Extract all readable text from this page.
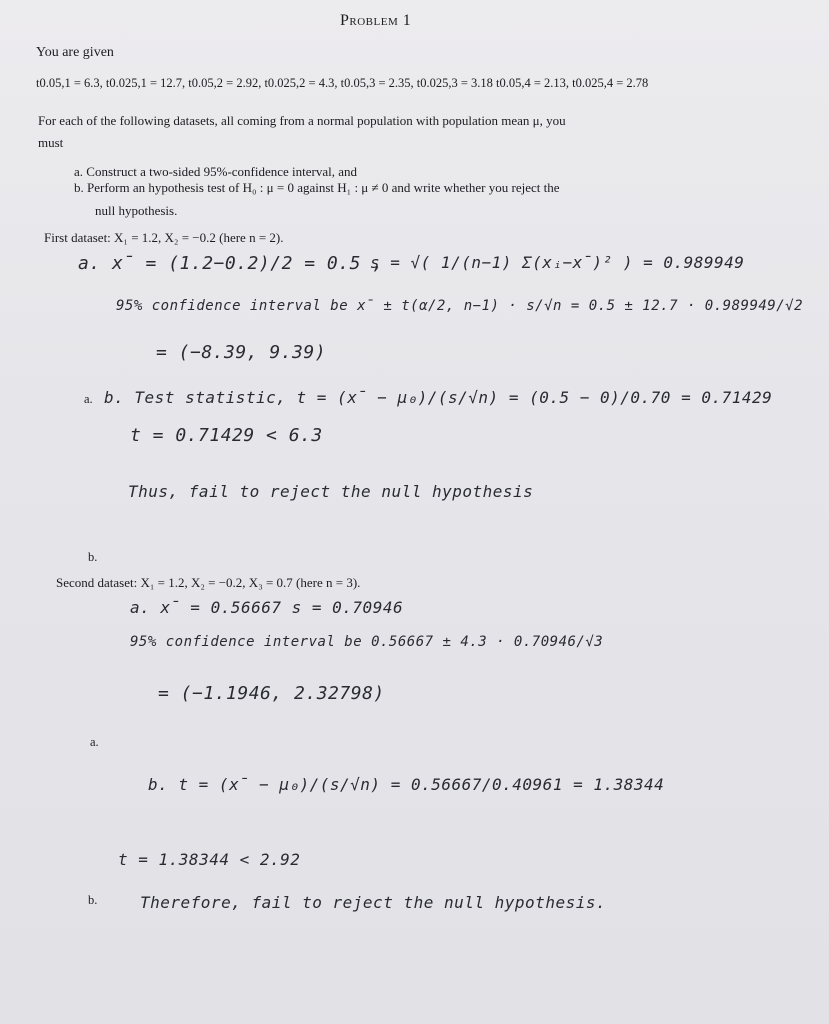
Problem 1
You are given
t0.05,1 = 6.3, t0.025,1 = 12.7, t0.05,2 = 2.92, t0.025,2 = 4.3, t0.05,3 = 2.35, t0.025,3 = 3.18 t0.05,4 = 2.13, t0.025,4 = 2.78
For each of the following datasets, all coming from a normal population with population mean μ, you
must
a. Construct a two-sided 95%-confidence interval, and
b. Perform an hypothesis test of H₀ : μ = 0 against H₁ : μ ≠ 0 and write whether you reject the
null hypothesis.
First dataset: X₁ = 1.2, X₂ = −0.2 (here n = 2).
a. x̄ = (1.2−0.2)/2 = 0.5 ,
s = √( 1/(n−1) Σ(xᵢ−x̄)² ) = 0.989949
95% confidence interval be x̄ ± t(α/2, n−1) · s/√n = 0.5 ± 12.7 · 0.989949/√2
= (−8.39, 9.39)
a. b. Test statistic, t = (x̄ − μ₀)/(s/√n) = (0.5 − 0)/0.70 = 0.71429
t = 0.71429 < 6.3
Thus, fail to reject the null hypothesis
b.
Second dataset: X₁ = 1.2, X₂ = −0.2, X₃ = 0.7 (here n = 3).
a. x̄ = 0.56667 s = 0.70946
95% confidence interval be 0.56667 ± 4.3 · 0.70946/√3
= (−1.1946, 2.32798)
a.
b. t = (x̄ − μ₀)/(s/√n) = 0.56667/0.40961 = 1.38344
t = 1.38344 < 2.92
b.	Therefore, fail to reject the null hypothesis.
